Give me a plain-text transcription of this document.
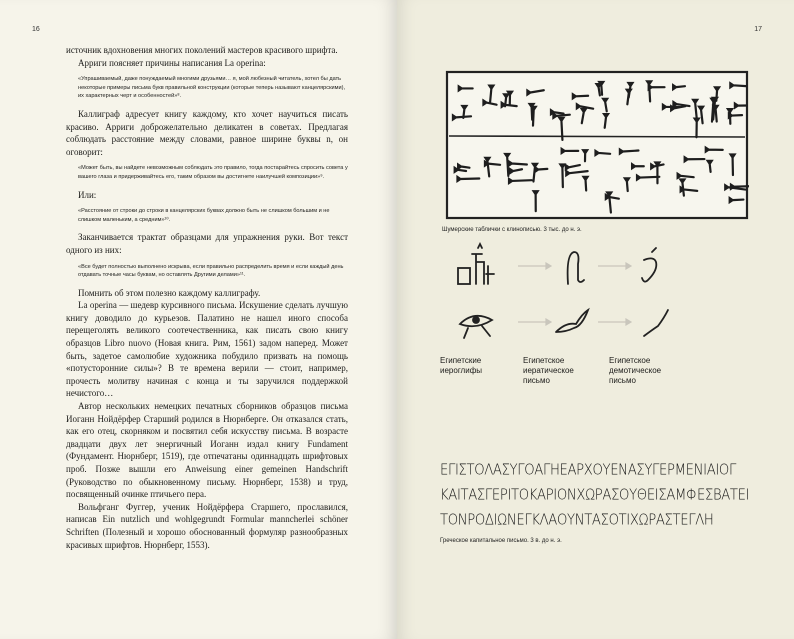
16

источник вдохновения многих поколений мастеров красивого шрифта.

Арриги поясняет причины написания La operina:

«Упрашиваемый, даже понуждаемый многими друзьями… я, мой любезный читатель, хотел бы дать некоторые примеры письма букв правильной конструкции (которые теперь называют канцелярскими), их характерных черт и особенностей»⁸.

Каллиграф адресует книгу каждому, кто хочет научиться писать красиво. Арриги доброжелательно деликатен в советах. Предлагая соблюдать расстояние между словами, равное ширине буквы n, он оговорит:

«Может быть, вы найдете невозможным соблюдать это правило, тогда постарайтесь спросить совета у вашего глаза и придерживайтесь его, таким образом вы достигнете наилучшей композиции»⁹.

Или:

«Расстояние от строки до строки в канцелярских буквах должно быть не слишком большим и не слишком маленьким, а средним»¹⁰.

Заканчивается трактат образцами для упражнения руки. Вот текст одного из них:

«Все будет полностью выполнено искрыва, если правильно распределить время и если каждый день отдавать точные часы буквам, но оставлять Другими делами»¹¹.

Помнить об этом полезно каждому каллиграфу.

La operina — шедевр курсивного письма. Искушение сделать лучшую книгу доводило до курьезов. Палатино не нашел иного способа перещеголять великого соотечественника, как писать свою книгу образцов Libro nuovo (Новая книга. Рим, 1561) задом наперед. Может быть, задетое самолюбие художника побудило призвать на помощь «потусторонние силы»? В те времена верили — стоит, например, прочесть молитву начиная с конца и ты заручился поддержкой нечистого…

Автор нескольких немецких печатных сборников образцов письма Иоганн Нойдёрфер Старший родился в Нюрнберге. Он отказался стать, как его отец, скорняком и посвятил себя искусству письма. В возрасте двадцати двух лет энергичный Иоганн издал книгу Fundament (Фундамент. Нюрнберг, 1519), где отпечатаны одиннадцать шрифтовых проб. Позже вышли его Anweisung einer gemeinen Handschrift (Руководство по обыкновенному письму. Нюрнберг, 1538) и труд, посвященный очинке птичьего пера.

Вольфганг Фуггер, ученик Нойдёрфера Старшего, прославился, написав Ein nutzlich und wohlgegrundt Formular manncherlei schöner Schriften (Полезный и хорошо обоснованный формуляр разнообразных красивых шрифтов. Нюрнберг, 1553).

17
Шумерские таблички с клинописью. 3 тыс. до н. э.
Египетские иероглифы
Египетское иератическое письмо
Египетское демотическое письмо
ΕΓΙΣΤΟΛΑΣΥΓΟΑΓΗΕΑΡΧΟΥΕΝΑΣΥΓΕΡΜΕΝΙΑΙΟΓ
ΚΑΙΤΑΣΓΕΡΙΤΟΚΑΡΙΟΝΧΩΡΑΣΟΥΘΕΙΣΑΜΦΕΣΒΑΤΕΙ
ΤΟΝΡΟΔΙΩΝΕΓΚΛΑΟΥΝΤΑΣΟΤΙΧΩΡΑΣΤΕΓΛΗ
Греческое капитальное письмо. 3 в. до н. э.
